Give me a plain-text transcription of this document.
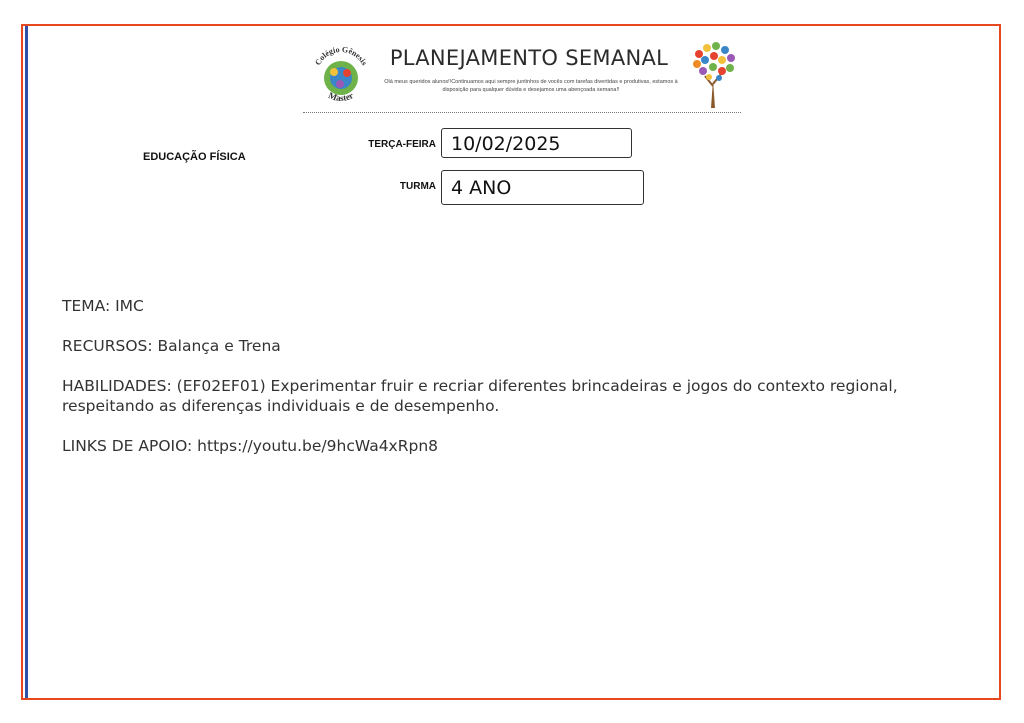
Colégio Gênesis
Master
PLANEJAMENTO SEMANAL
Olá meus queridos alunos!!Continuamos aqui sempre juntinhos de vocês com tarefas divertidas e produtivas, estamos à disposição para qualquer dúvida e desejamos uma abençoada semana!!
EDUCAÇÃO FÍSICA
TERÇA-FEIRA 10/02/2025
TURMA 4 ANO

TEMA: IMC

RECURSOS: Balança e Trena

HABILIDADES: (EF02EF01) Experimentar fruir e recriar diferentes brincadeiras e jogos do contexto regional, respeitando as diferenças individuais e de desempenho.

LINKS DE APOIO: https://youtu.be/9hcWa4xRpn8
